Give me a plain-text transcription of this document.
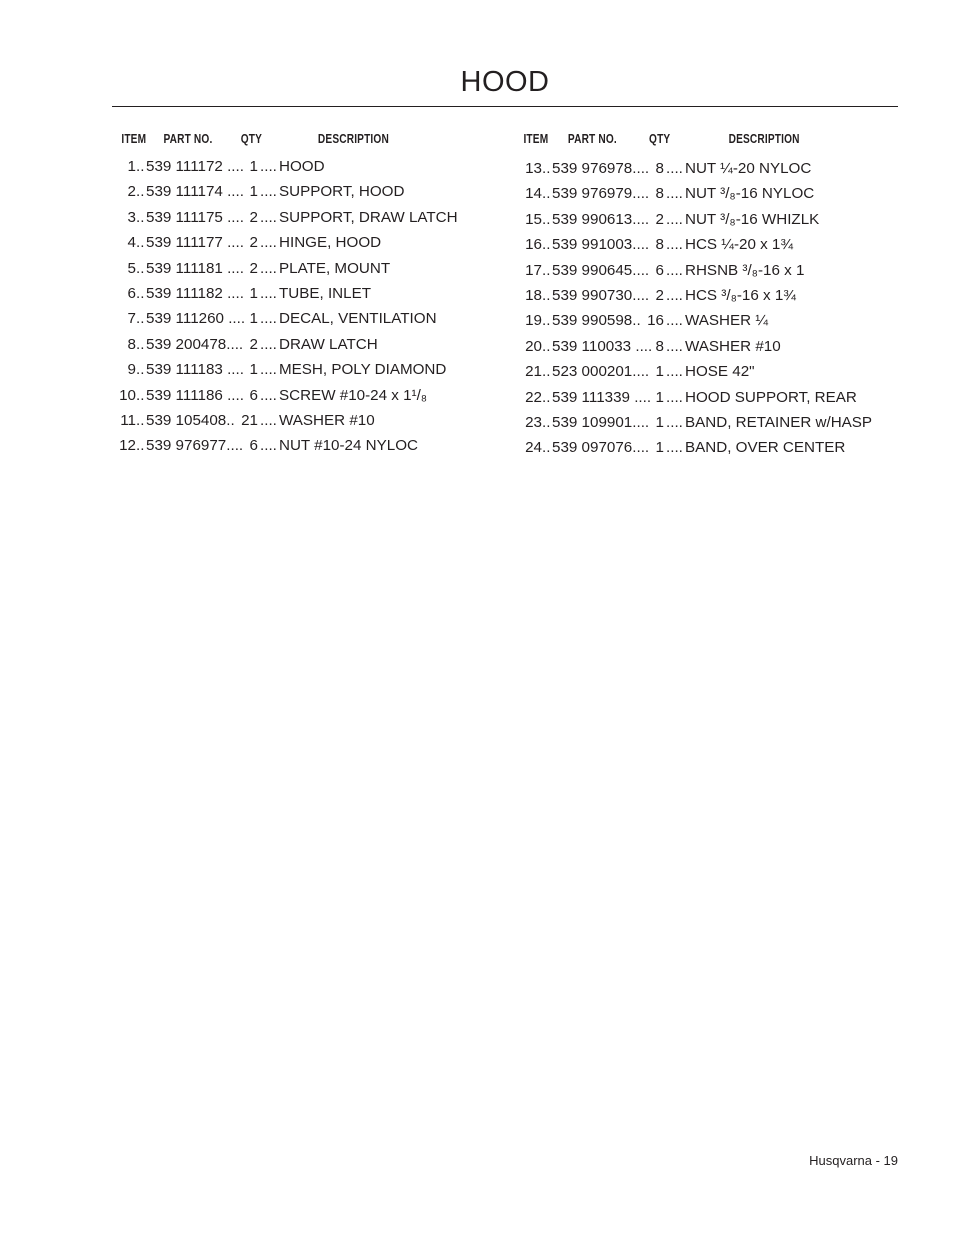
HOOD
ITEM PART NO. QTY	DESCRIPTION
1 .. 539 111172 .... 1 .... HOOD
2 .. 539 111174 .... 1 .... SUPPORT, HOOD
3 .. 539 111175 .... 2 .... SUPPORT, DRAW LATCH
4 .. 539 111177 .... 2 .... HINGE, HOOD
5 .. 539 111181 .... 2 .... PLATE, MOUNT
6 .. 539 111182 .... 1 .... TUBE, INLET
7 .. 539 111260 .... 1 .... DECAL, VENTILATION
8 .. 539 200478 .... 2 .... DRAW LATCH
9 .. 539 111183 .... 1 .... MESH, POLY DIAMOND
10 .. 539 111186 .... 6 .... SCREW #10-24 x 1¹/₈
11 .. 539 105408 .. 21 .... WASHER #10
12 .. 539 976977 .... 6 .... NUT #10-24 NYLOC
ITEM PART NO. QTY	DESCRIPTION
13 .. 539 976978 .... 8 .... NUT ¼-20 NYLOC
14 .. 539 976979 .... 8 .... NUT ³/₈-16 NYLOC
15 .. 539 990613 .... 2 .... NUT ³/₈-16 WHIZLK
16 .. 539 991003 .... 8 .... HCS ¼-20 x 1¾
17 .. 539 990645 .... 6 .... RHSNB ³/₈-16 x 1
18 .. 539 990730 .... 2 .... HCS ³/₈-16 x 1¾
19 .. 539 990598 .. 16 .... WASHER ¼
20 .. 539 110033 .... 8 .... WASHER #10
21 .. 523 000201 .... 1 .... HOSE 42"
22 .. 539 111339 .... 1 .... HOOD SUPPORT, REAR
23 .. 539 109901 .... 1 .... BAND, RETAINER w/HASP
24 .. 539 097076 .... 1 .... BAND, OVER CENTER
Husqvarna - 19
